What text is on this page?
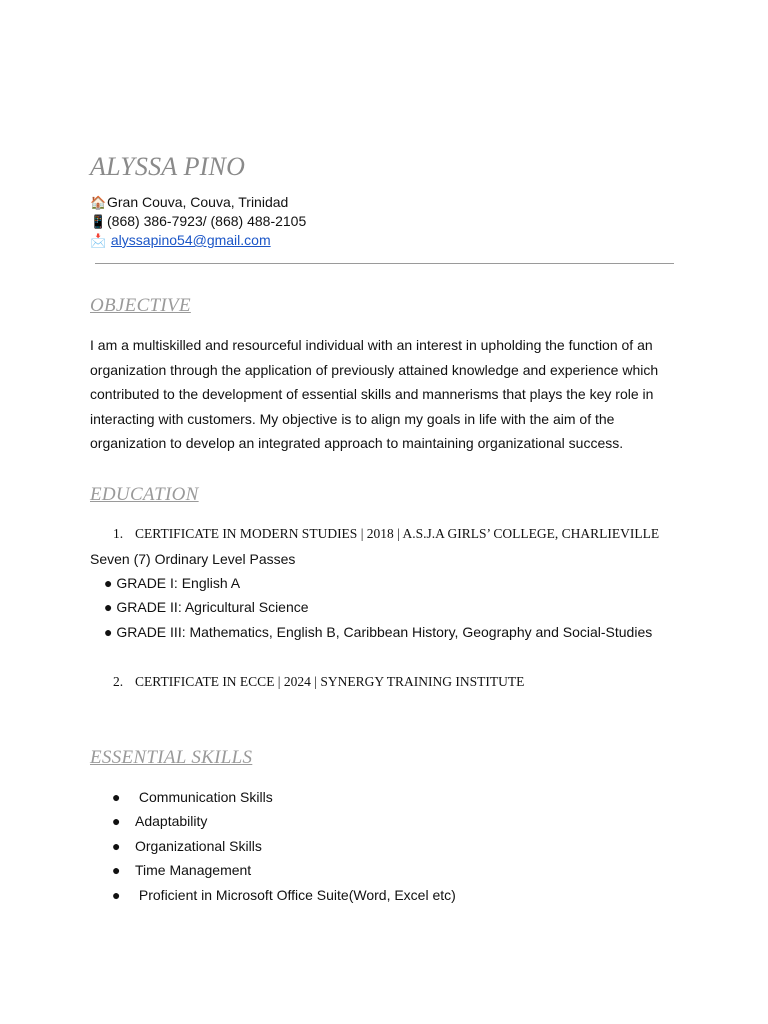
ALYSSA PINO
🏠Gran Couva, Couva, Trinidad
📱(868) 386-7923/ (868) 488-2105
📩 alyssapino54@gmail.com
OBJECTIVE

I am a multiskilled and resourceful individual with an interest in upholding the function of an organization through the application of previously attained knowledge and experience which contributed to the development of essential skills and mannerisms that plays the key role in interacting with customers. My objective is to align my goals in life with the aim of the organization to develop an integrated approach to maintaining organizational success.

EDUCATION
1. CERTIFICATE IN MODERN STUDIES | 2018 | A.S.J.A GIRLS’ COLLEGE, CHARLIEVILLE
Seven (7) Ordinary Level Passes
● GRADE I: English A
● GRADE II: Agricultural Science
● GRADE III: Mathematics, English B, Caribbean History, Geography and Social-Studies
2. CERTIFICATE IN ECCE | 2024 | SYNERGY TRAINING INSTITUTE
ESSENTIAL SKILLS
● Communication Skills
● Adaptability
● Organizational Skills
● Time Management
● Proficient in Microsoft Office Suite(Word, Excel etc)
